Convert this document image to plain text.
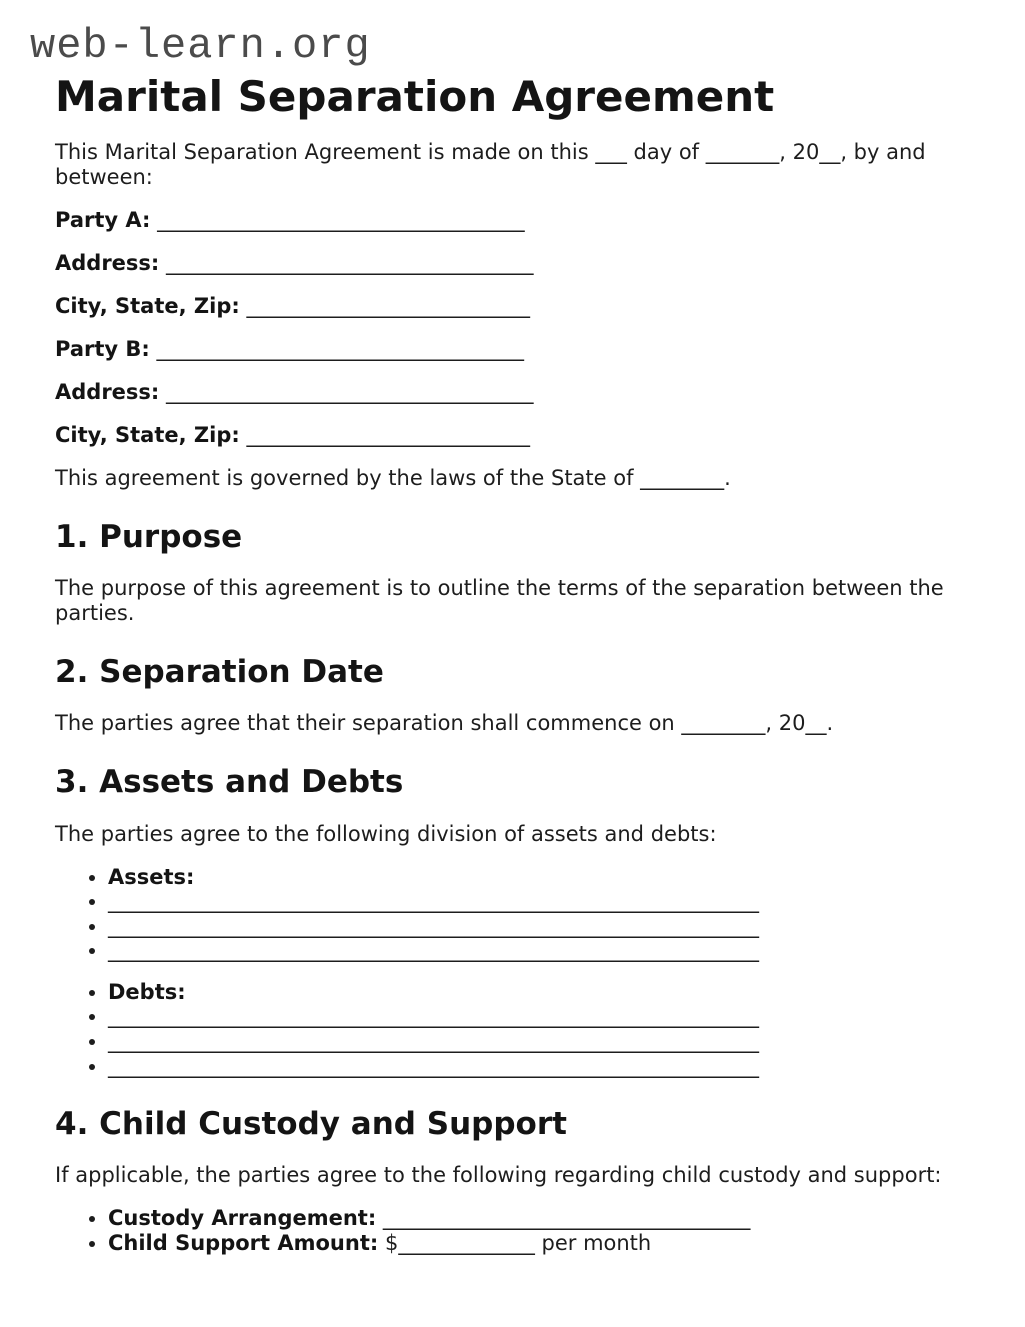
web-learn.org
Marital Separation Agreement

This Marital Separation Agreement is made on this ___ day of _______, 20__, by and between:

Party A: ___________________________________

Address: ___________________________________

City, State, Zip: ___________________________

Party B: ___________________________________

Address: ___________________________________

City, State, Zip: ___________________________

This agreement is governed by the laws of the State of ________.

1. Purpose

The purpose of this agreement is to outline the terms of the separation between the parties.

2. Separation Date

The parties agree that their separation shall commence on ________, 20__.

3. Assets and Debts

The parties agree to the following division of assets and debts:

• Assets:
• ______________________________________________________________
• ______________________________________________________________
• ______________________________________________________________
• Debts:
• ______________________________________________________________
• ______________________________________________________________
• ______________________________________________________________
4. Child Custody and Support

If applicable, the parties agree to the following regarding child custody and support:

• Custody Arrangement: ___________________________________
• Child Support Amount: $_____________ per month
